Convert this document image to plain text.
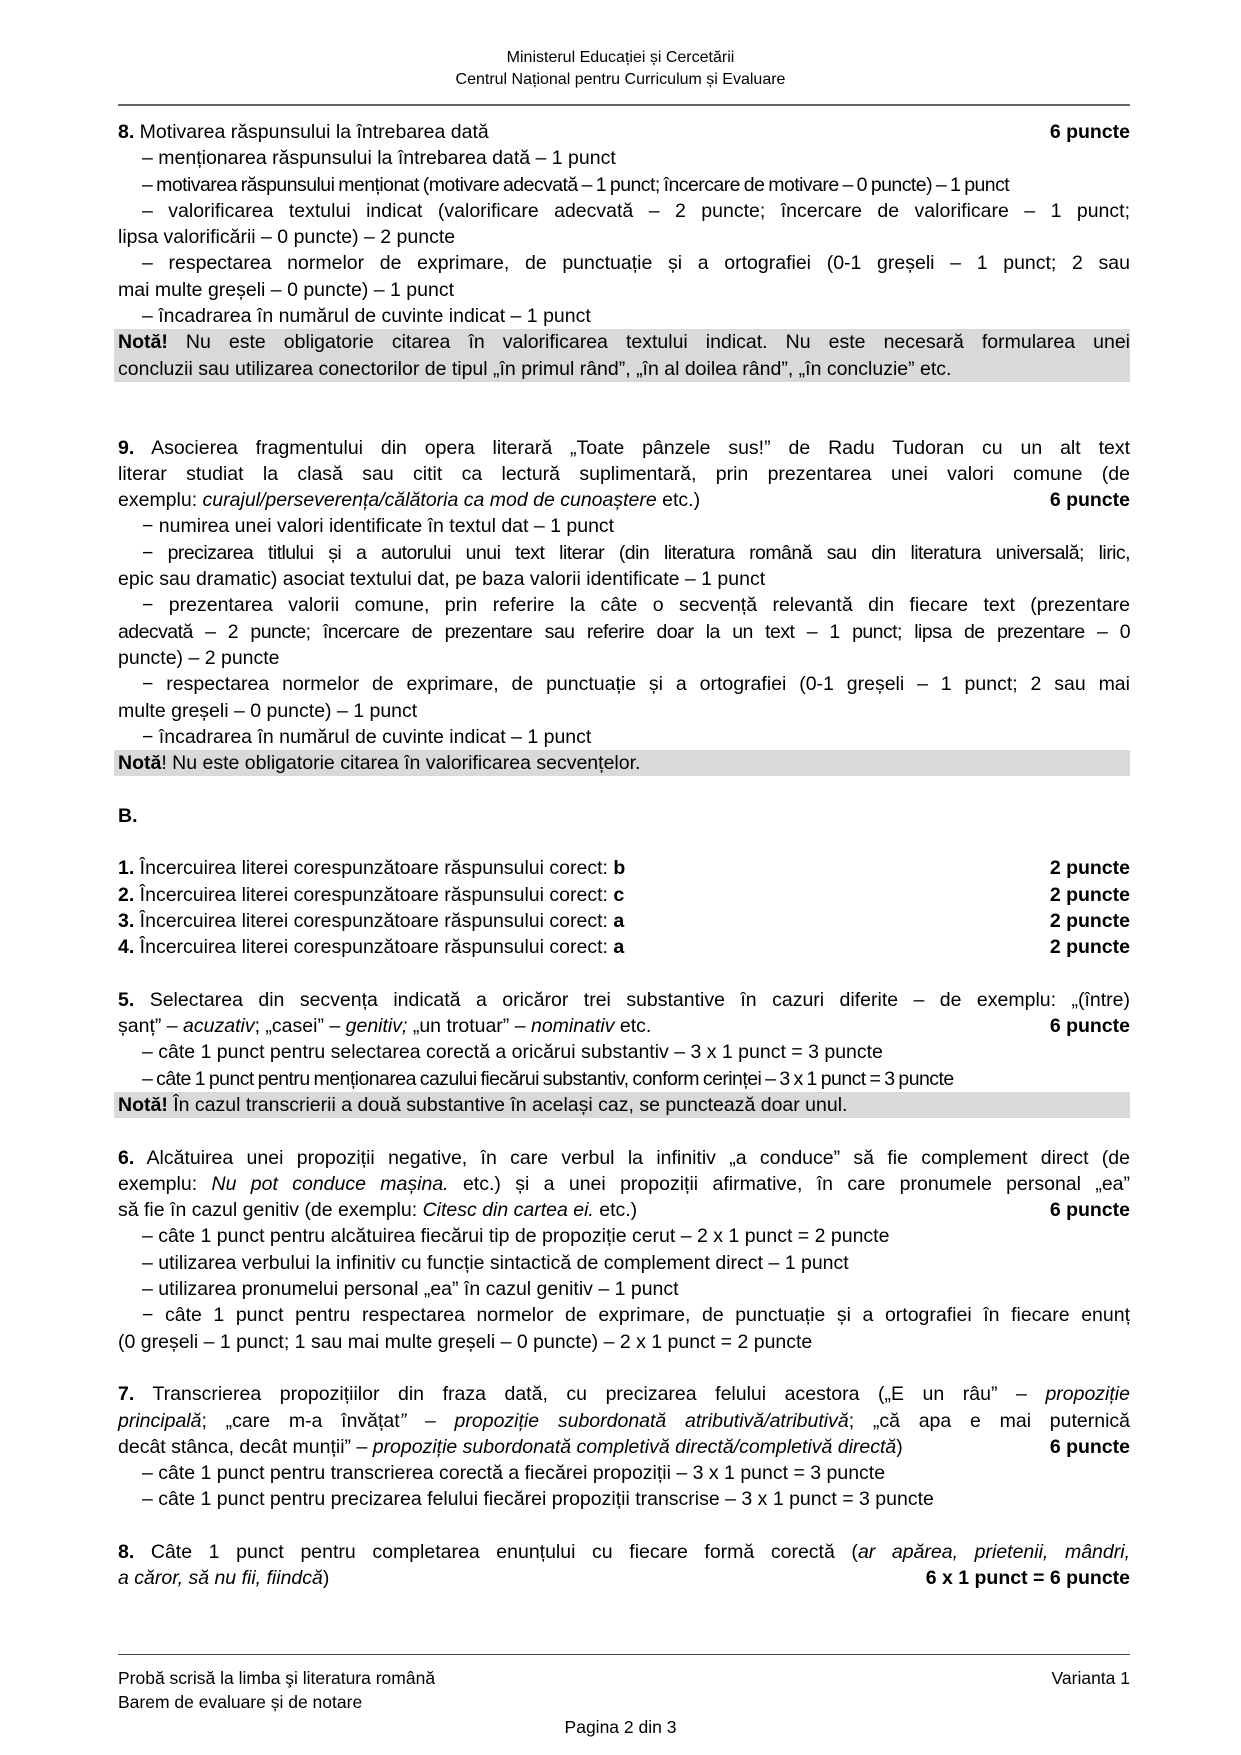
Ministerul Educației și Cercetării
Centrul Național pentru Curriculum și Evaluare
8. Motivarea răspunsului la întrebarea dată	6 puncte
– menționarea răspunsului la întrebarea dată – 1 punct
– motivarea răspunsului menționat (motivare adecvată – 1 punct; încercare de motivare – 0 puncte) – 1 punct
– valorificarea textului indicat (valorificare adecvată – 2 puncte; încercare de valorificare – 1 punct;
lipsa valorificării – 0 puncte) – 2 puncte
– respectarea normelor de exprimare, de punctuație și a ortografiei (0-1 greșeli – 1 punct; 2 sau
mai multe greșeli – 0 puncte) – 1 punct
– încadrarea în numărul de cuvinte indicat – 1 punct
Notă! Nu este obligatorie citarea în valorificarea textului indicat. Nu este necesară formularea unei
concluzii sau utilizarea conectorilor de tipul „în primul rând”, „în al doilea rând”, „în concluzie” etc.
9. Asocierea fragmentului din opera literară „Toate pânzele sus!” de Radu Tudoran cu un alt text
literar studiat la clasă sau citit ca lectură suplimentară, prin prezentarea unei valori comune (de
exemplu: curajul/perseverența/călătoria ca mod de cunoaștere etc.)	6 puncte
− numirea unei valori identificate în textul dat – 1 punct
− precizarea titlului și a autorului unui text literar (din literatura română sau din literatura universală; liric,
epic sau dramatic) asociat textului dat, pe baza valorii identificate – 1 punct
− prezentarea valorii comune, prin referire la câte o secvență relevantă din fiecare text (prezentare
adecvată – 2 puncte; încercare de prezentare sau referire doar la un text – 1 punct; lipsa de prezentare – 0
puncte) – 2 puncte
− respectarea normelor de exprimare, de punctuație și a ortografiei (0-1 greșeli – 1 punct; 2 sau mai
multe greșeli – 0 puncte) – 1 punct
− încadrarea în numărul de cuvinte indicat – 1 punct
Notă! Nu este obligatorie citarea în valorificarea secvențelor.
B.
1. Încercuirea literei corespunzătoare răspunsului corect: b	2 puncte
2. Încercuirea literei corespunzătoare răspunsului corect: c	2 puncte
3. Încercuirea literei corespunzătoare răspunsului corect: a	2 puncte
4. Încercuirea literei corespunzătoare răspunsului corect: a	2 puncte
5. Selectarea din secvența indicată a oricăror trei substantive în cazuri diferite – de exemplu: „(între)
șanț” – acuzativ; „casei” – genitiv; „un trotuar” – nominativ etc.	6 puncte
– câte 1 punct pentru selectarea corectă a oricărui substantiv – 3 x 1 punct = 3 puncte
– câte 1 punct pentru menționarea cazului fiecărui substantiv, conform cerinței – 3 x 1 punct = 3 puncte
Notă! În cazul transcrierii a două substantive în același caz, se punctează doar unul.
6. Alcătuirea unei propoziții negative, în care verbul la infinitiv „a conduce” să fie complement direct (de
exemplu: Nu pot conduce mașina. etc.) și a unei propoziții afirmative, în care pronumele personal „ea”
să fie în cazul genitiv (de exemplu: Citesc din cartea ei. etc.)	6 puncte
– câte 1 punct pentru alcătuirea fiecărui tip de propoziție cerut – 2 x 1 punct = 2 puncte
– utilizarea verbului la infinitiv cu funcție sintactică de complement direct – 1 punct
– utilizarea pronumelui personal „ea” în cazul genitiv – 1 punct
− câte 1 punct pentru respectarea normelor de exprimare, de punctuație și a ortografiei în fiecare enunț
(0 greșeli – 1 punct; 1 sau mai multe greșeli – 0 puncte) – 2 x 1 punct = 2 puncte
7. Transcrierea propozițiilor din fraza dată, cu precizarea felului acestora („E un râu” – propoziție
principală; „care m-a învățat” – propoziție subordonată atributivă/atributivă; „că apa e mai puternică
decât stânca, decât munții” – propoziție subordonată completivă directă/completivă directă)	6 puncte
– câte 1 punct pentru transcrierea corectă a fiecărei propoziții – 3 x 1 punct = 3 puncte
– câte 1 punct pentru precizarea felului fiecărei propoziții transcrise – 3 x 1 punct = 3 puncte
8. Câte 1 punct pentru completarea enunțului cu fiecare formă corectă (ar apărea, prietenii, mândri,
a căror, să nu fii, fiindcă)	6 x 1 punct = 6 puncte
Probă scrisă la limba şi literatura română	Varianta 1
Barem de evaluare și de notare
Pagina 2 din 3
